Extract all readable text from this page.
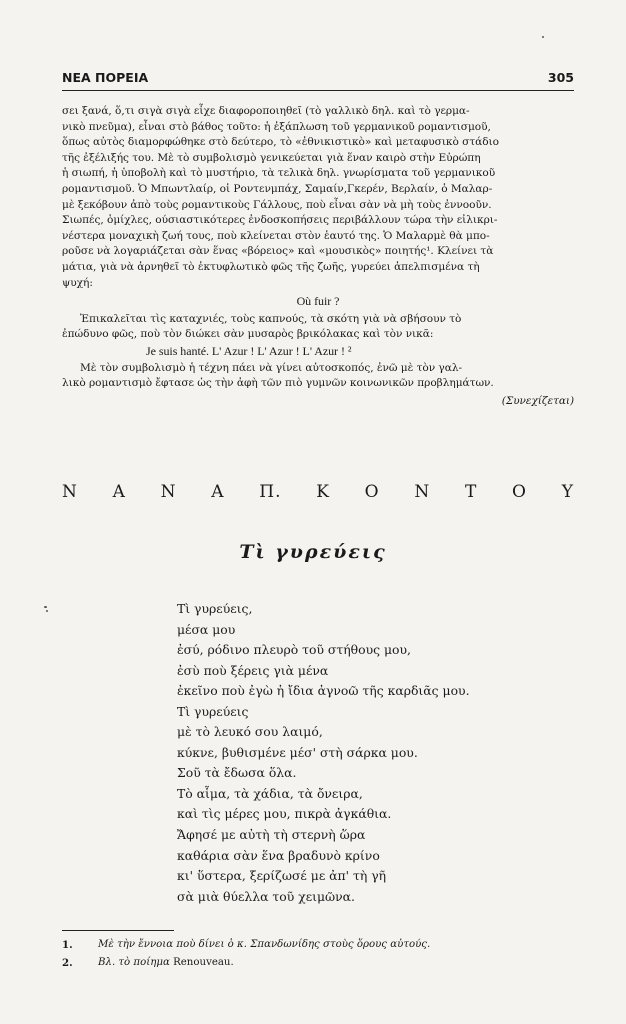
ΝΕΑ ΠΟΡΕΙΑ	305
σει ξανά, ὅ,τι σιγὰ σιγὰ εἶχε διαφοροποιηθεῖ (τὸ γαλλικὸ δηλ. καὶ τὸ γερμα-
νικὸ πνεῦμα), εἶναι στὸ βάθος τοῦτο: ἡ ἐξάπλωση τοῦ γερμανικοῦ ρομαντισμοῦ,
ὅπως αὐτὸς διαμορφώθηκε στὸ δεύτερο, τὸ «ἐθνικιστικὸ» καὶ μεταφυσικὸ στάδιο
τῆς ἐξέλιξής του. Μὲ τὸ συμβολισμὸ γενικεύεται γιὰ ἕναν καιρὸ στὴν Εὐρώπη
ἡ σιωπή, ἡ ὑποβολὴ καὶ τὸ μυστήριο, τὰ τελικὰ δηλ. γνωρίσματα τοῦ γερμανικοῦ
ρομαντισμοῦ. Ὁ Μπωντλαίρ, οἱ Ροντενμπάχ, Σαμαίν,Γκερέν, Βερλαίν, ὁ Μαλαρ-
μὲ ξεκόβουν ἀπὸ τοὺς ρομαντικοὺς Γάλλους, ποὺ εἶναι σὰν νὰ μὴ τοὺς ἐννοοῦν.
Σιωπές, ὁμίχλες, ούσιαστικότερες ἐνδοσκοπήσεις περιβάλλουν τώρα τὴν εἰλικρι-
νέστερα μοναχικὴ ζωή τους, ποὺ κλείνεται στὸν ἑαυτό της. Ὁ Μαλαρμὲ θὰ μπο-
ροῦσε νὰ λογαριάζεται σὰν ἕνας «βόρειος» καὶ «μουσικὸς» ποιητής¹. Κλείνει τὰ
μάτια, γιὰ νὰ ἀρνηθεῖ τὸ ἐκτυφλωτικὸ φῶς τῆς ζωῆς, γυρεύει ἀπελπισμένα τὴ
ψυχή:
Où fuir ?
Ἐπικαλεῖται τὶς καταχνιές, τοὺς καπνούς, τὰ σκότη γιὰ νὰ σβήσουν τὸ
ἐπώδυνο φῶς, ποὺ τὸν διώκει σὰν μυσαρὸς βρικόλακας καὶ τὸν νικᾶ:
Je suis hanté. L' Azur ! L' Azur ! L' Azur ! ²
Μὲ τὸν συμβολισμὸ ἡ τέχνη πάει νὰ γίνει αὐτοσκοπός, ἐνῶ μὲ τὸν γαλ-
λικὸ ρομαντισμὸ ἔφτασε ὡς τὴν ἀφὴ τῶν πιὸ γυμνῶν κοινωνικῶν προβλημάτων.
(Συνεχίζεται)
Ν Α Ν Α Π. Κ Ο Ν Τ Ο Υ
Τὶ γυρεύεις
Τὶ γυρεύεις,
μέσα μου
ἐσύ, ρόδινο πλευρὸ τοῦ στήθους μου,
ἐσὺ ποὺ ξέρεις γιὰ μένα
ἐκεῖνο ποὺ ἐγὼ ἡ ἴδια ἀγνοῶ τῆς καρδιᾶς μου.
Τὶ γυρεύεις
μὲ τὸ λευκό σου λαιμό,
κύκνε, βυθισμένε μέσ' στὴ σάρκα μου.
Σοῦ τὰ ἔδωσα ὅλα.
Τὸ αἷμα, τὰ χάδια, τὰ ὄνειρα,
καὶ τὶς μέρες μου, πικρὰ ἀγκάθια.
Ἄφησέ με αὐτὴ τὴ στερνὴ ὥρα
καθάρια σὰν ἕνα βραδυνὸ κρίνο
κι' ὕστερα, ξερίζωσέ με ἀπ' τὴ γῆ
σὰ μιὰ θύελλα τοῦ χειμῶνα.
1. Μὲ τὴν ἔννοια ποὺ δίνει ὁ κ. Σπανδωνίδης στοὺς ὅρους αὐτούς.
2. Βλ. τὸ ποίημα Renouveau.
